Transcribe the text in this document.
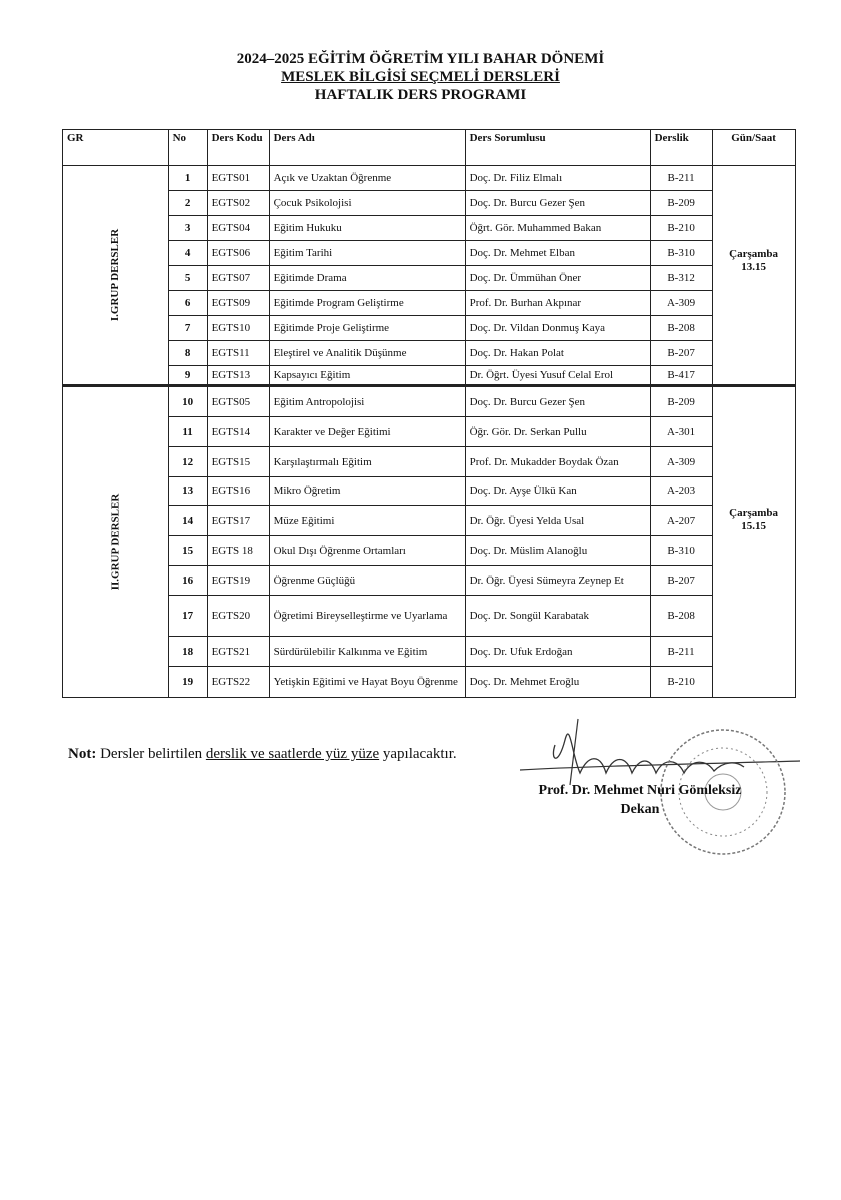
2024–2025 EĞİTİM ÖĞRETİM YILI BAHAR DÖNEMİ
MESLEK BİLGİSİ SEÇMELİ DERSLERİ
HAFTALIK DERS PROGRAMI
GR	No	Ders Kodu	Ders Adı	Ders Sorumlusu	Derslik	Gün/Saat
I.GRUP DERSLER	1	EGTS01	Açık ve Uzaktan Öğrenme	Doç. Dr. Filiz Elmalı	B-211	Çarşamba
13.15

	2	EGTS02	Çocuk Psikolojisi	Doç. Dr. Burcu Gezer Şen	B-209	
	3	EGTS04	Eğitim Hukuku	Öğrt. Gör. Muhammed Bakan	B-210	
	4	EGTS06	Eğitim Tarihi	Doç. Dr. Mehmet Elban	B-310	
	5	EGTS07	Eğitimde Drama	Doç. Dr. Ümmühan Öner	B-312	
	6	EGTS09	Eğitimde Program Geliştirme	Prof. Dr. Burhan Akpınar	A-309	
	7	EGTS10	Eğitimde Proje Geliştirme	Doç. Dr. Vildan Donmuş Kaya	B-208	
	8	EGTS11	Eleştirel ve Analitik Düşünme	Doç. Dr. Hakan Polat	B-207	
	9	EGTS13	Kapsayıcı Eğitim	Dr. Öğrt. Üyesi Yusuf Celal Erol	B-417	
II.GRUP DERSLER	10	EGTS05	Eğitim Antropolojisi	Doç. Dr. Burcu Gezer Şen	B-209	Çarşamba
15.15

	11	EGTS14	Karakter ve Değer Eğitimi	Öğr. Gör. Dr. Serkan Pullu	A-301	
	12	EGTS15	Karşılaştırmalı Eğitim	Prof. Dr. Mukadder Boydak Özan	A-309	
	13	EGTS16	Mikro Öğretim	Doç. Dr. Ayşe Ülkü Kan	A-203	
	14	EGTS17	Müze Eğitimi	Dr. Öğr. Üyesi Yelda Usal	A-207	
	15	EGTS 18	Okul Dışı Öğrenme Ortamları	Doç. Dr. Müslim Alanoğlu	B-310	
	16	EGTS19	Öğrenme Güçlüğü	Dr. Öğr. Üyesi Sümeyra Zeynep Et	B-207	
	17	EGTS20	Öğretimi Bireyselleştirme ve Uyarlama	Doç. Dr. Songül Karabatak	B-208	
	18	EGTS21	Sürdürülebilir Kalkınma ve Eğitim	Doç. Dr. Ufuk Erdoğan	B-211	
	19	EGTS22	Yetişkin Eğitimi ve Hayat Boyu Öğrenme	Doç. Dr. Mehmet Eroğlu	B-210	
Not: Dersler belirtilen derslik ve saatlerde yüz yüze yapılacaktır.
Prof. Dr. Mehmet Nuri Gömleksiz
Dekan
